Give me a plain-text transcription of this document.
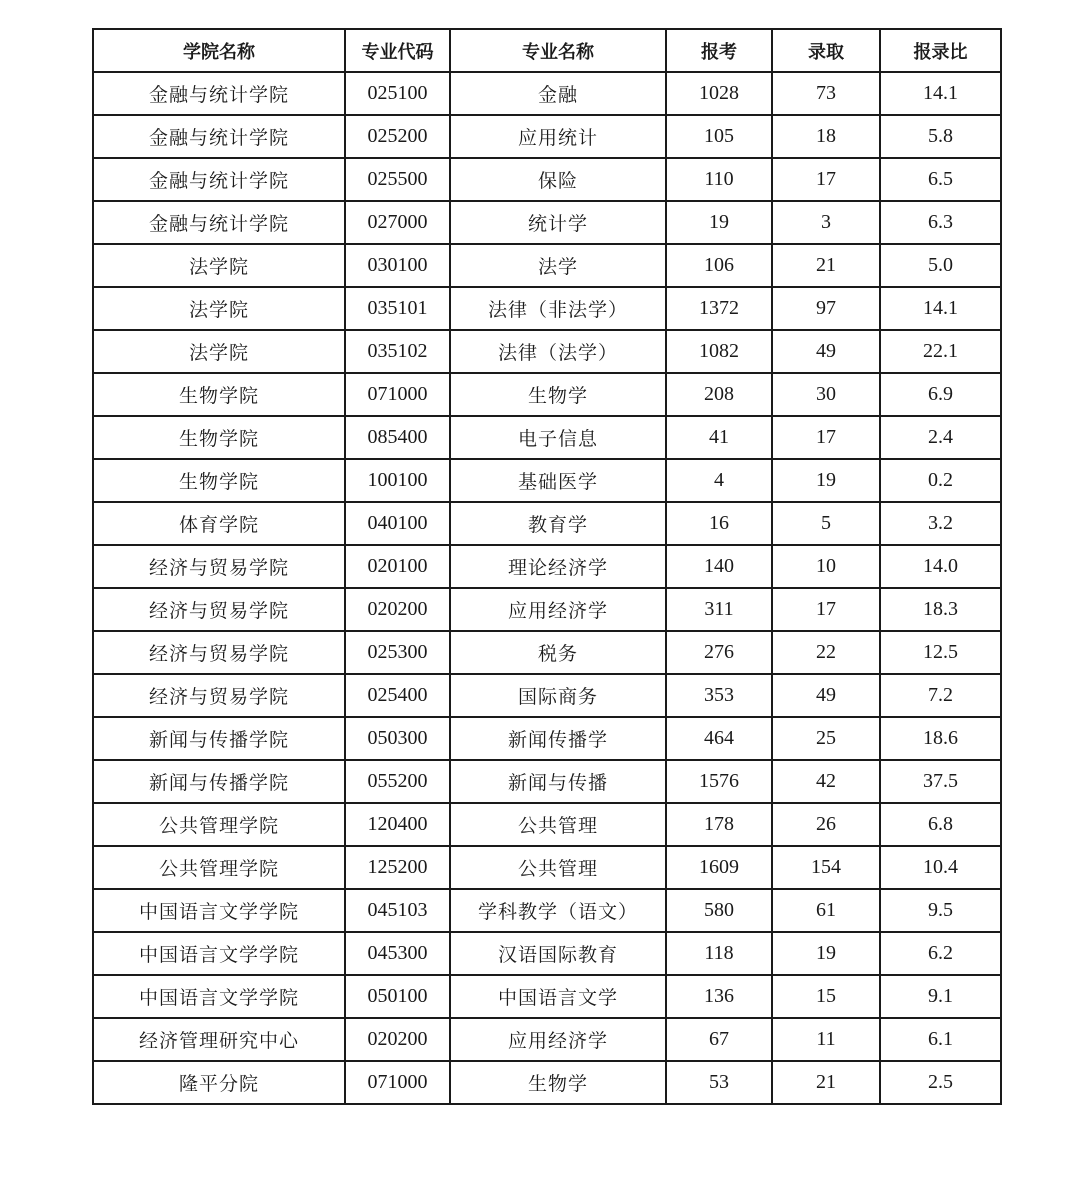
学院名称	专业代码	专业名称	报考	录取	报录比
金融与统计学院	025100	金融	1028	73	14.1
金融与统计学院	025200	应用统计	105	18	5.8
金融与统计学院	025500	保险	110	17	6.5
金融与统计学院	027000	统计学	19	3	6.3
法学院	030100	法学	106	21	5.0
法学院	035101	法律（非法学）	1372	97	14.1
法学院	035102	法律（法学）	1082	49	22.1
生物学院	071000	生物学	208	30	6.9
生物学院	085400	电子信息	41	17	2.4
生物学院	100100	基础医学	4	19	0.2
体育学院	040100	教育学	16	5	3.2
经济与贸易学院	020100	理论经济学	140	10	14.0
经济与贸易学院	020200	应用经济学	311	17	18.3
经济与贸易学院	025300	税务	276	22	12.5
经济与贸易学院	025400	国际商务	353	49	7.2
新闻与传播学院	050300	新闻传播学	464	25	18.6
新闻与传播学院	055200	新闻与传播	1576	42	37.5
公共管理学院	120400	公共管理	178	26	6.8
公共管理学院	125200	公共管理	1609	154	10.4
中国语言文学学院	045103	学科教学（语文）	580	61	9.5
中国语言文学学院	045300	汉语国际教育	118	19	6.2
中国语言文学学院	050100	中国语言文学	136	15	9.1
经济管理研究中心	020200	应用经济学	67	11	6.1
隆平分院	071000	生物学	53	21	2.5
